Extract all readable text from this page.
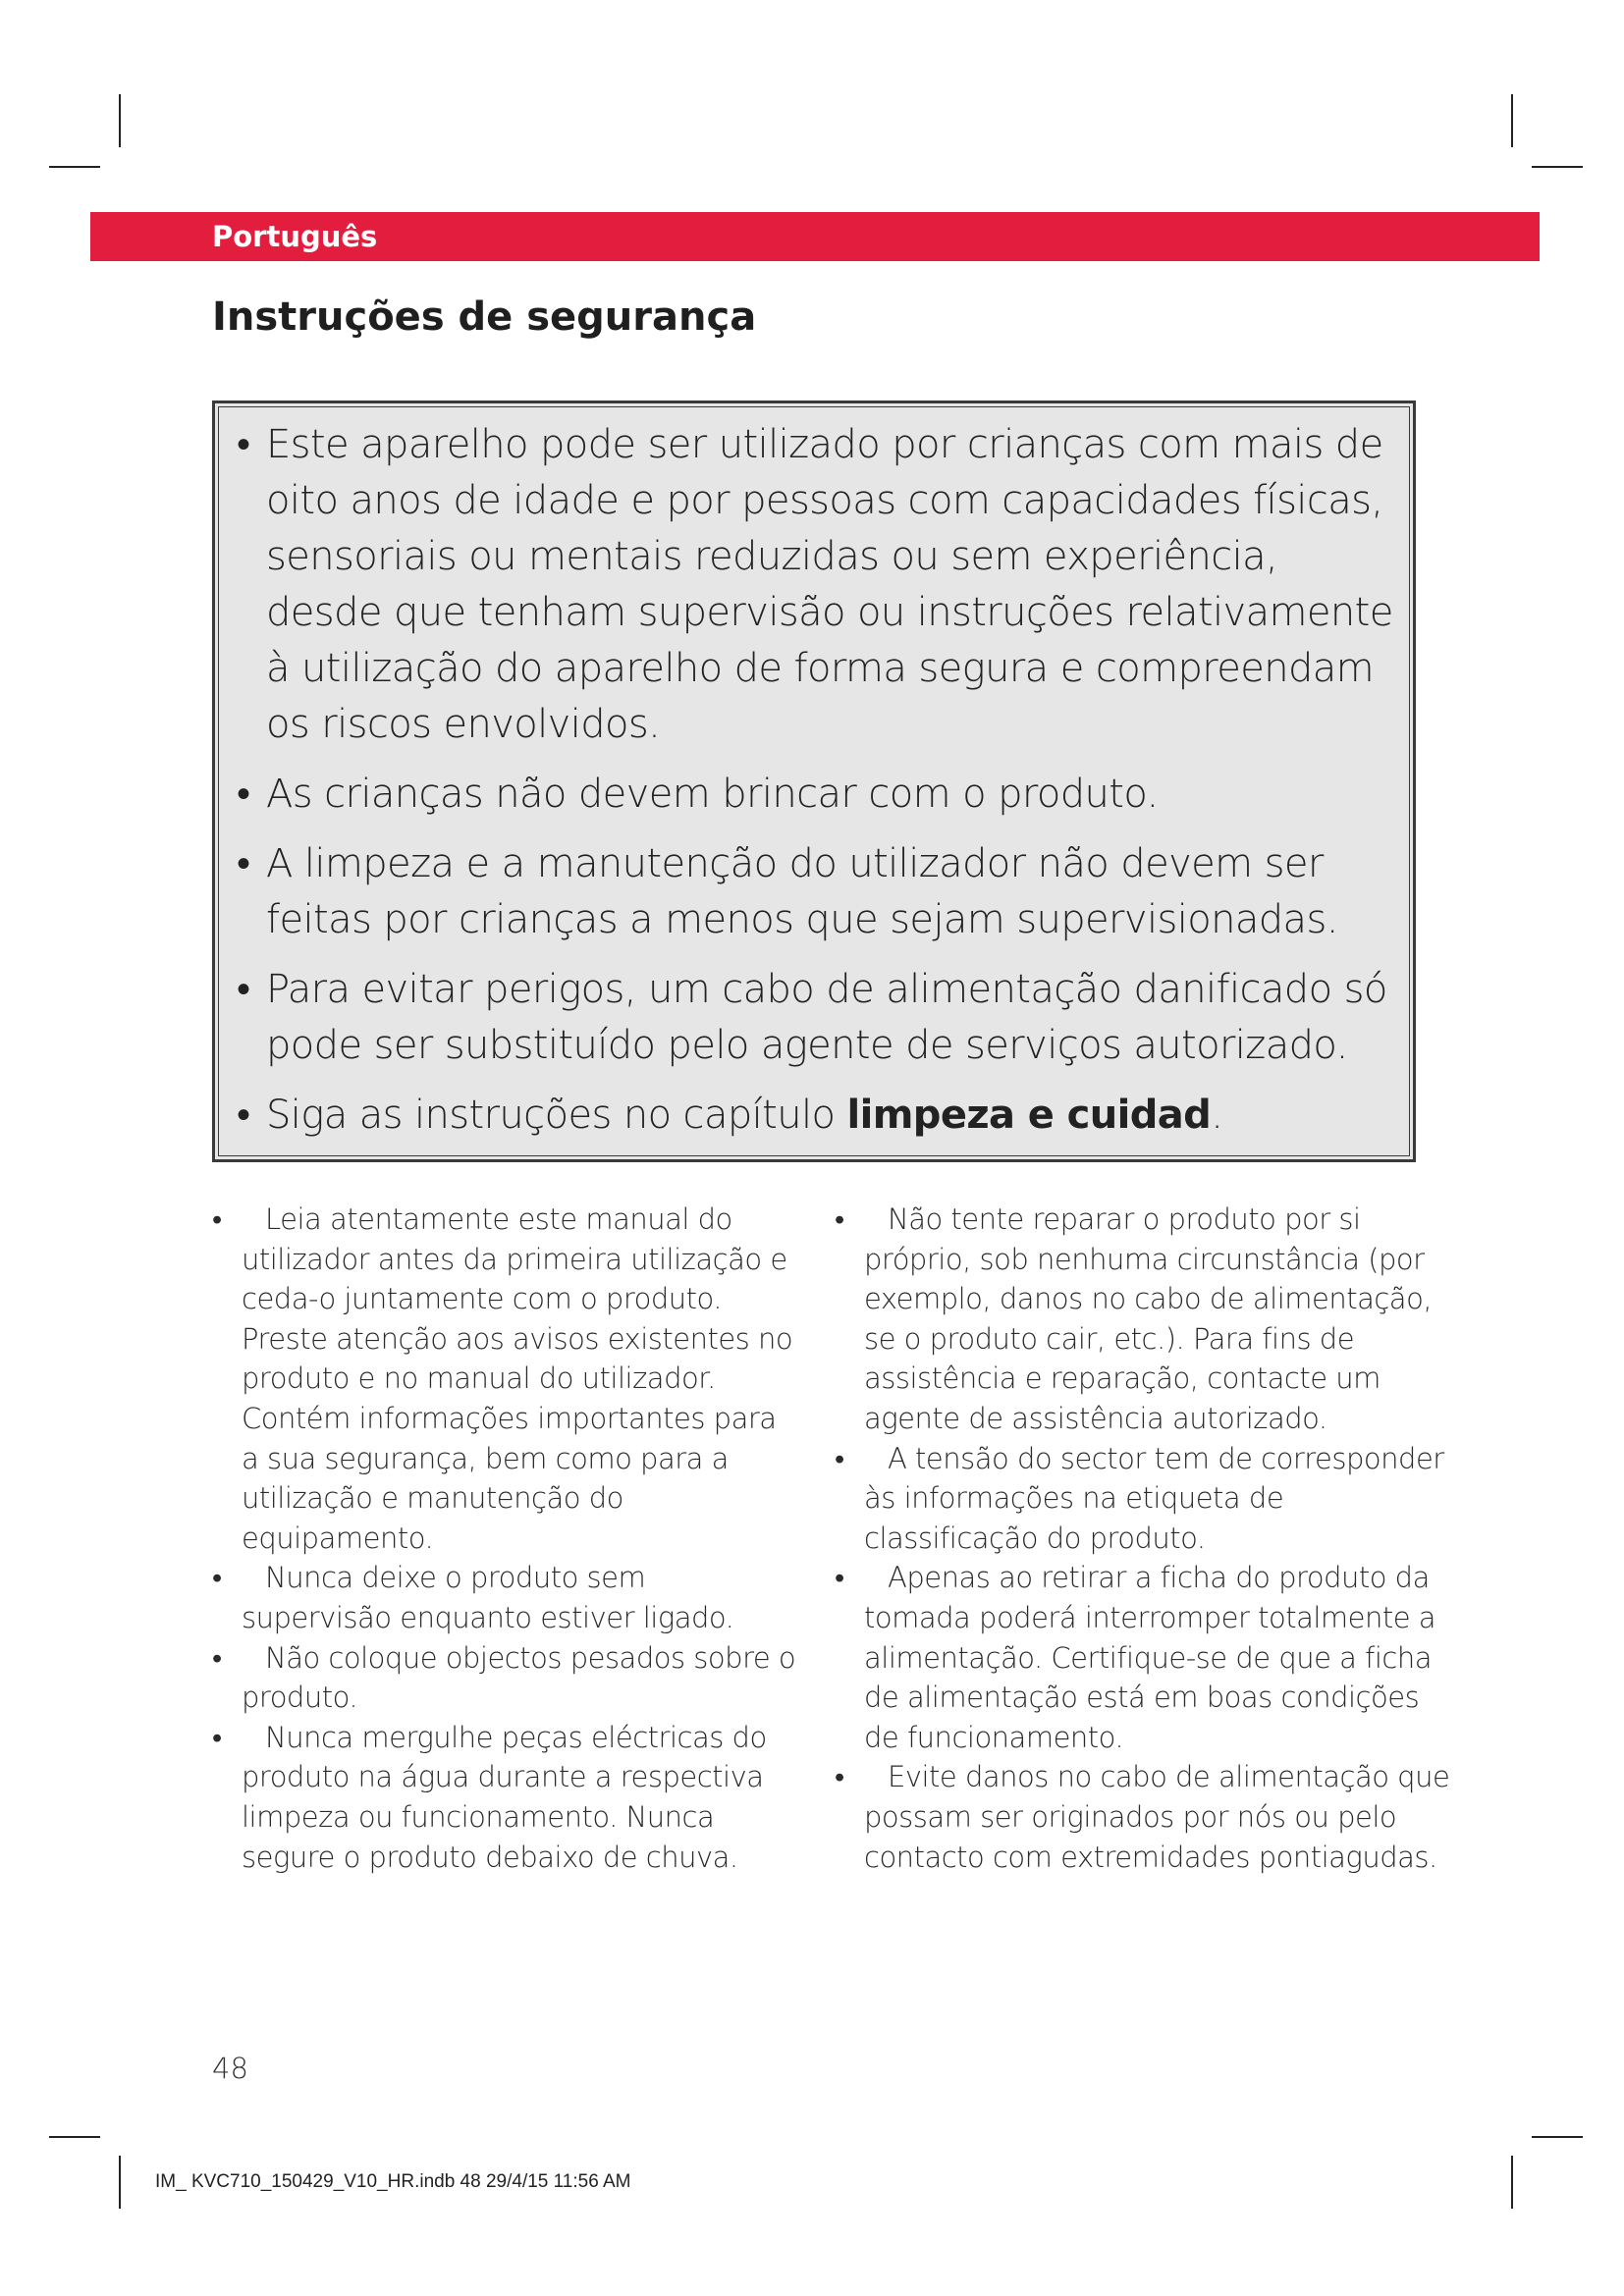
Português
Instruções de segurança
• Este aparelho pode ser utilizado por crianças com mais de oito anos de idade e por pessoas com capacidades físicas, sensoriais ou mentais reduzidas ou sem experiência, desde que tenham supervisão ou instruções relativamente à utilização do aparelho de forma segura e compreendam os riscos envolvidos.
• As crianças não devem brincar com o produto.
• A limpeza e a manutenção do utilizador não devem ser feitas por crianças a menos que sejam supervisionadas.
• Para evitar perigos, um cabo de alimentação danificado só pode ser substituído pelo agente de serviços autorizado.
• Siga as instruções no capítulo limpeza e cuidad.
• Leia atentamente este manual do utilizador antes da primeira utilização e ceda-o juntamente com o produto. Preste atenção aos avisos existentes no produto e no manual do utilizador. Contém informações importantes para a sua segurança, bem como para a utilização e manutenção do equipamento.
• Nunca deixe o produto sem supervisão enquanto estiver ligado.
• Não coloque objectos pesados sobre o produto.
• Nunca mergulhe peças eléctricas do produto na água durante a respectiva limpeza ou funcionamento. Nunca segure o produto debaixo de chuva.
• Não tente reparar o produto por si próprio, sob nenhuma circunstância (por exemplo, danos no cabo de alimentação, se o produto cair, etc.). Para fins de assistência e reparação, contacte um agente de assistência autorizado.
• A tensão do sector tem de corresponder às informações na etiqueta de classificação do produto.
• Apenas ao retirar a ficha do produto da tomada poderá interromper totalmente a alimentação. Certifique-se de que a ficha de alimentação está em boas condições de funcionamento.
• Evite danos no cabo de alimentação que possam ser originados por nós ou pelo contacto com extremidades pontiagudas.
48
IM_ KVC710_150429_V10_HR.indb 48 29/4/15 11:56 AM
